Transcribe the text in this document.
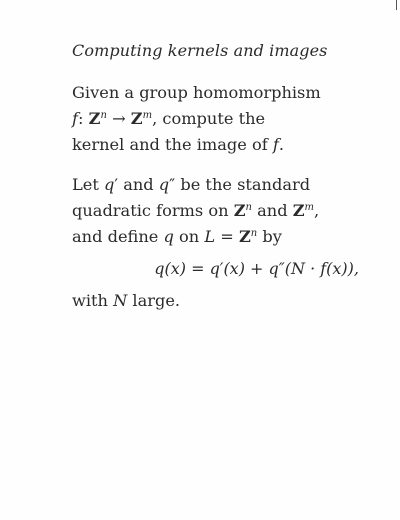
Computing kernels and images

Given a group homomorphism
f: $Z^n \to Z^m$, compute the
kernel and the image of f.

Let q′ and q″ be the standard
quadratic forms on $Z^n$ and $Z^m$,
and define q on $L = Z^n$ by
q(x) = q′(x) + q″(N · f(x)),
with N large.
